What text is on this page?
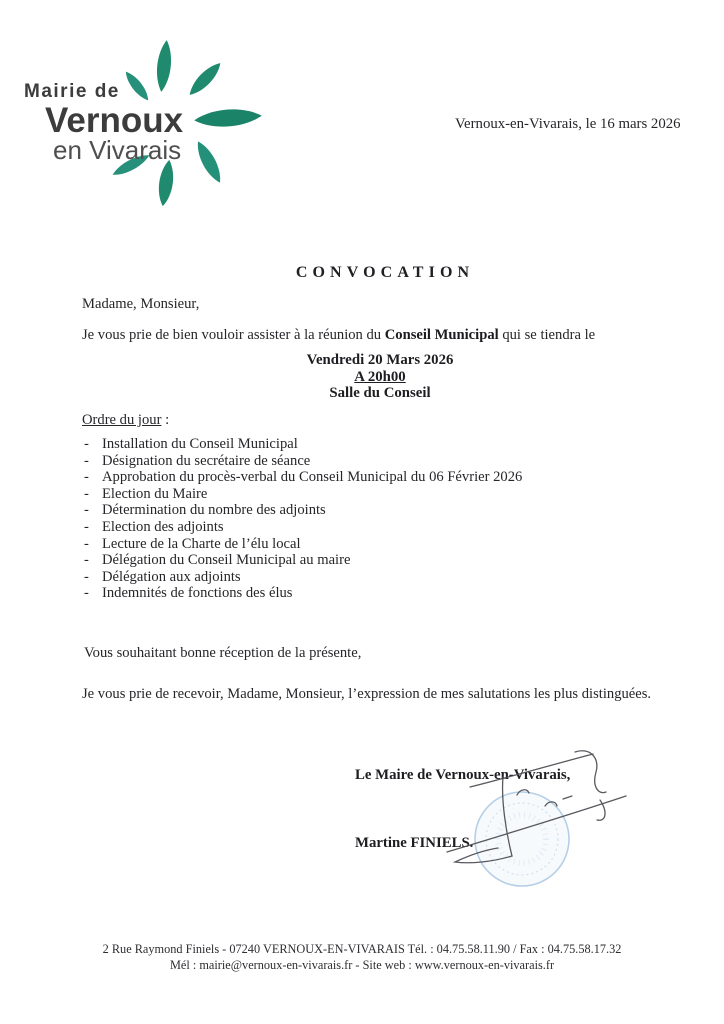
Mairie de
Vernoux
en Vivarais
Vernoux-en-Vivarais, le 16 mars 2026
CONVOCATION
Madame, Monsieur,
Je vous prie de bien vouloir assister à la réunion du Conseil Municipal qui se tiendra le
Vendredi 20 Mars 2026
A 20h00
Salle du Conseil
Ordre du jour :
- Installation du Conseil Municipal
- Désignation du secrétaire de séance
- Approbation du procès-verbal du Conseil Municipal du 06 Février 2026
- Election du Maire
- Détermination du nombre des adjoints
- Election des adjoints
- Lecture de la Charte de l’élu local
- Délégation du Conseil Municipal au maire
- Délégation aux adjoints
- Indemnités de fonctions des élus
Vous souhaitant bonne réception de la présente,
Je vous prie de recevoir, Madame, Monsieur, l’expression de mes salutations les plus distinguées.
Le Maire de Vernoux-en-Vivarais,
Martine FINIELS.
2 Rue Raymond Finiels - 07240 VERNOUX-EN-VIVARAIS Tél. : 04.75.58.11.90 / Fax : 04.75.58.17.32
Mél : mairie@vernoux-en-vivarais.fr - Site web : www.vernoux-en-vivarais.fr
